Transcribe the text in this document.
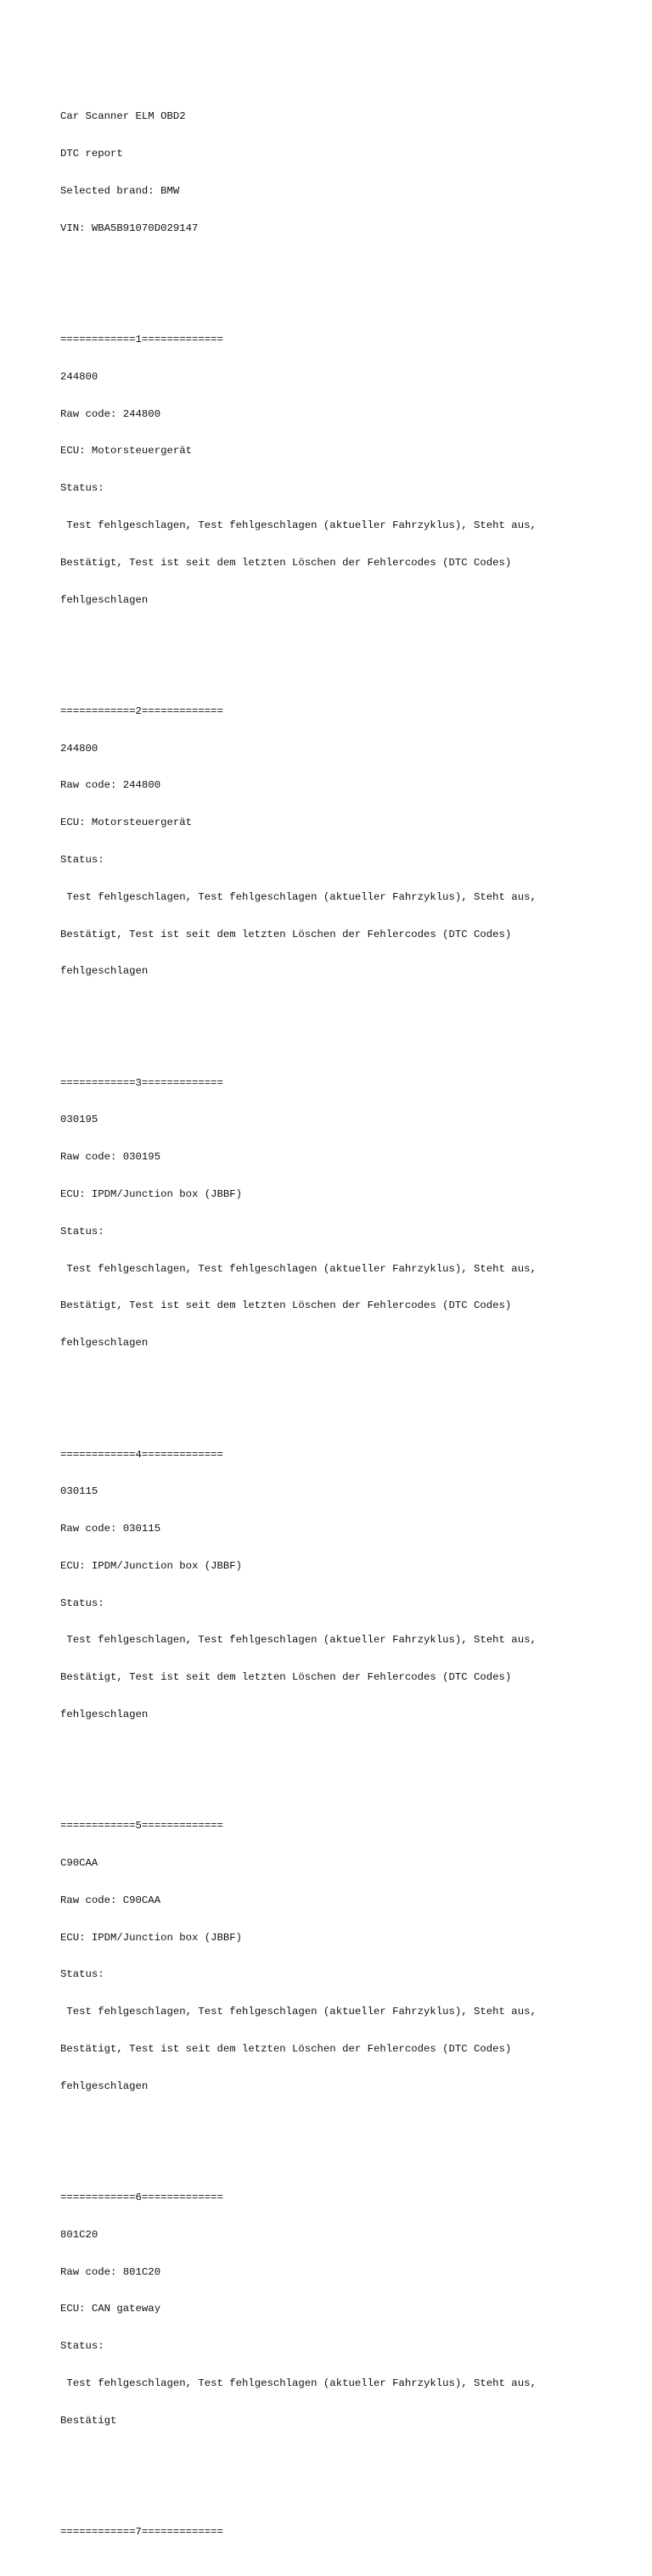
Car Scanner ELM OBD2

DTC report

Selected brand: BMW

VIN: WBA5B91070D029147

============1=============

244800

Raw code: 244800

ECU: Motorsteuergerät

Status:

Test fehlgeschlagen, Test fehlgeschlagen (aktueller Fahrzyklus), Steht aus,

Bestätigt, Test ist seit dem letzten Löschen der Fehlercodes (DTC Codes)

fehlgeschlagen

============2=============

244800

Raw code: 244800

ECU: Motorsteuergerät

Status:

Test fehlgeschlagen, Test fehlgeschlagen (aktueller Fahrzyklus), Steht aus,

Bestätigt, Test ist seit dem letzten Löschen der Fehlercodes (DTC Codes)

fehlgeschlagen

============3=============

030195

Raw code: 030195

ECU: IPDM/Junction box (JBBF)

Status:

Test fehlgeschlagen, Test fehlgeschlagen (aktueller Fahrzyklus), Steht aus,

Bestätigt, Test ist seit dem letzten Löschen der Fehlercodes (DTC Codes)

fehlgeschlagen

============4=============

030115

Raw code: 030115

ECU: IPDM/Junction box (JBBF)

Status:

Test fehlgeschlagen, Test fehlgeschlagen (aktueller Fahrzyklus), Steht aus,

Bestätigt, Test ist seit dem letzten Löschen der Fehlercodes (DTC Codes)

fehlgeschlagen

============5=============

C90CAA

Raw code: C90CAA

ECU: IPDM/Junction box (JBBF)

Status:

Test fehlgeschlagen, Test fehlgeschlagen (aktueller Fahrzyklus), Steht aus,

Bestätigt, Test ist seit dem letzten Löschen der Fehlercodes (DTC Codes)

fehlgeschlagen

============6=============

801C20

Raw code: 801C20

ECU: CAN gateway

Status:

Test fehlgeschlagen, Test fehlgeschlagen (aktueller Fahrzyklus), Steht aus,

Bestätigt

============7=============
